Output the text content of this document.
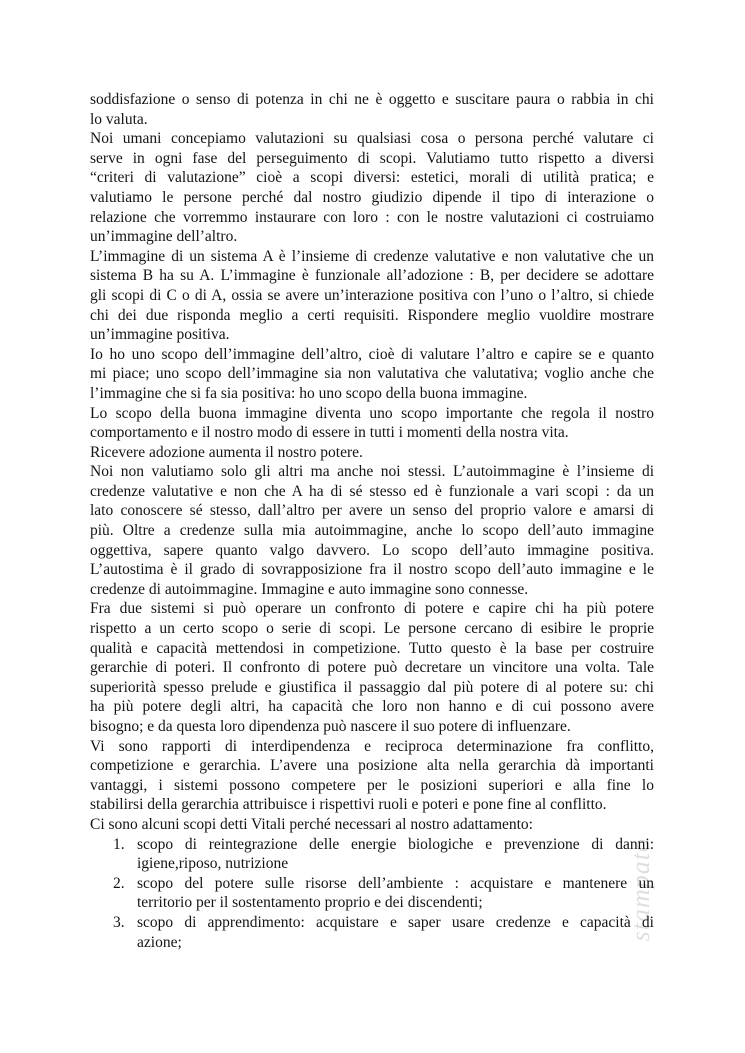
soddisfazione o senso di potenza in chi ne è oggetto e suscitare paura o rabbia in chi
lo valuta.
Noi umani concepiamo valutazioni su qualsiasi cosa o persona perché valutare ci
serve in ogni fase del perseguimento di scopi. Valutiamo tutto rispetto a diversi
“criteri di valutazione” cioè a scopi diversi: estetici, morali di utilità pratica; e
valutiamo le persone perché dal nostro giudizio dipende il tipo di interazione o
relazione che vorremmo instaurare con loro : con le nostre valutazioni ci costruiamo
un’immagine dell’altro.
L’immagine di un sistema A è l’insieme di credenze valutative e non valutative che un
sistema B ha su A. L’immagine è funzionale all’adozione : B, per decidere se adottare
gli scopi di C o di A, ossia se avere un’interazione positiva con l’uno o l’altro, si chiede
chi dei due risponda meglio a certi requisiti. Rispondere meglio vuoldire mostrare
un’immagine positiva.
Io ho uno scopo dell’immagine dell’altro, cioè di valutare l’altro e capire se e quanto
mi piace; uno scopo dell’immagine sia non valutativa che valutativa; voglio anche che
l’immagine che si fa sia positiva: ho uno scopo della buona immagine.
Lo scopo della buona immagine diventa uno scopo importante che regola il nostro
comportamento e il nostro modo di essere in tutti i momenti della nostra vita.
Ricevere adozione aumenta il nostro potere.
Noi non valutiamo solo gli altri ma anche noi stessi. L’autoimmagine è l’insieme di
credenze valutative e non che A ha di sé stesso ed è funzionale a vari scopi : da un
lato conoscere sé stesso, dall’altro per avere un senso del proprio valore e amarsi di
più. Oltre a credenze sulla mia autoimmagine, anche lo scopo dell’auto immagine
oggettiva, sapere quanto valgo davvero. Lo scopo dell’auto immagine positiva.
L’autostima è il grado di sovrapposizione fra il nostro scopo dell’auto immagine e le
credenze di autoimmagine. Immagine e auto immagine sono connesse.
Fra due sistemi si può operare un confronto di potere e capire chi ha più potere
rispetto a un certo scopo o serie di scopi. Le persone cercano di esibire le proprie
qualità e capacità mettendosi in competizione. Tutto questo è la base per costruire
gerarchie di poteri. Il confronto di potere può decretare un vincitore una volta. Tale
superiorità spesso prelude e giustifica il passaggio dal più potere di al potere su: chi
ha più potere degli altri, ha capacità che loro non hanno e di cui possono avere
bisogno; e da questa loro dipendenza può nascere il suo potere di influenzare.
Vi sono rapporti di interdipendenza e reciproca determinazione fra conflitto,
competizione e gerarchia. L’avere una posizione alta nella gerarchia dà importanti
vantaggi, i sistemi possono competere per le posizioni superiori e alla fine lo
stabilirsi della gerarchia attribuisce i rispettivi ruoli e poteri e pone fine al conflitto.
Ci sono alcuni scopi detti Vitali perché necessari al nostro adattamento:
1. scopo di reintegrazione delle energie biologiche e prevenzione di danni:
igiene,riposo, nutrizione
2. scopo del potere sulle risorse dell’ambiente : acquistare e mantenere un
territorio per il sostentamento proprio e dei discendenti;
3. scopo di apprendimento: acquistare e saper usare credenze e capacità di
azione;
stampato
